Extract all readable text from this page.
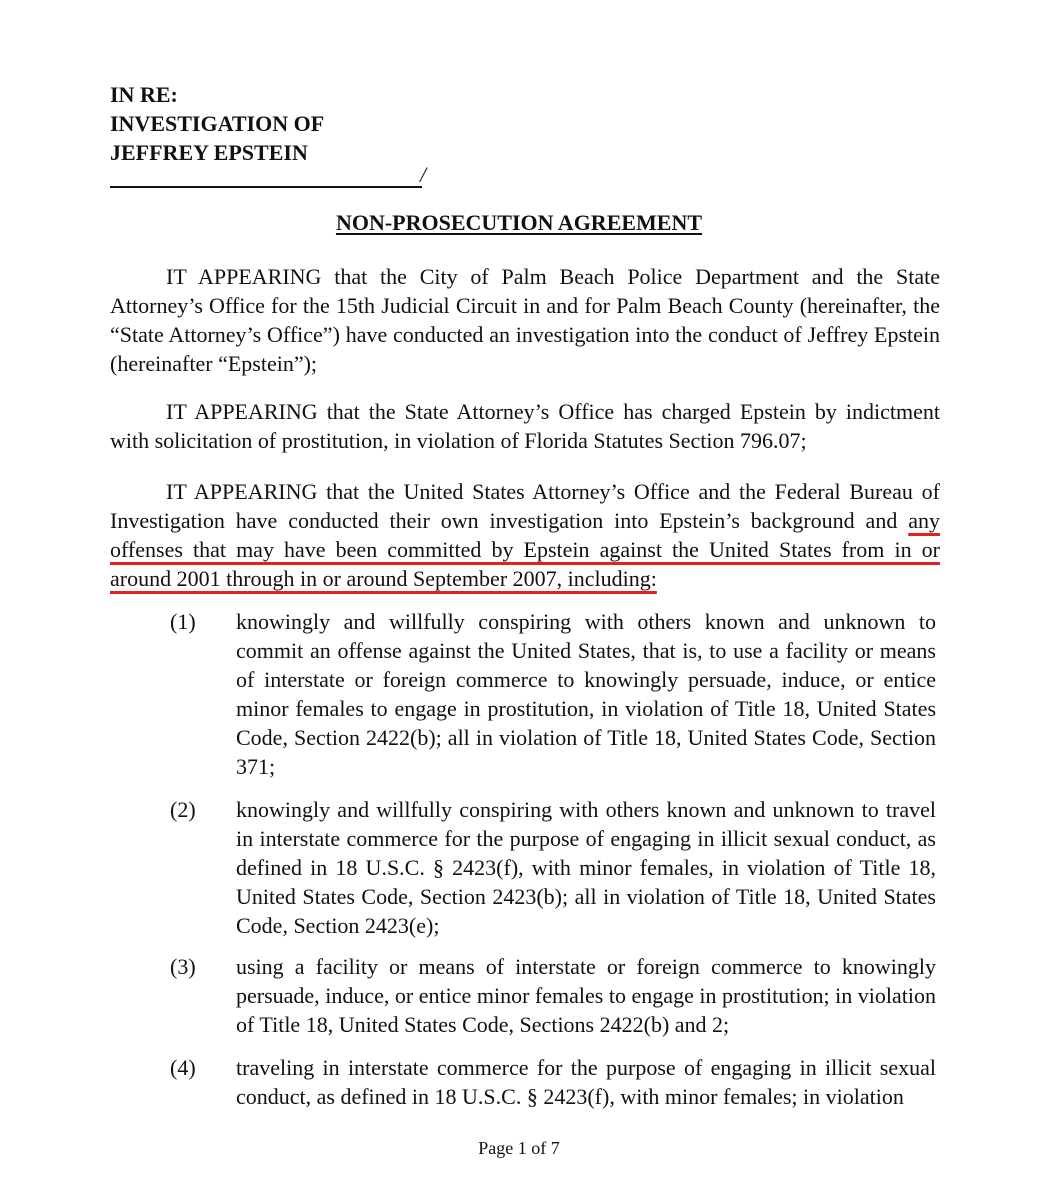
IN RE:
INVESTIGATION OF
JEFFREY EPSTEIN
/
NON-PROSECUTION AGREEMENT
IT APPEARING that the City of Palm Beach Police Department and the State Attorney’s Office for the 15th Judicial Circuit in and for Palm Beach County (hereinafter, the “State Attorney’s Office”) have conducted an investigation into the conduct of Jeffrey Epstein (hereinafter “Epstein”);
IT APPEARING that the State Attorney’s Office has charged Epstein by indictment with solicitation of prostitution, in violation of Florida Statutes Section 796.07;
IT APPEARING that the United States Attorney’s Office and the Federal Bureau of Investigation have conducted their own investigation into Epstein’s background and any offenses that may have been committed by Epstein against the United States from in or around 2001 through in or around September 2007, including:
(1)	knowingly and willfully conspiring with others known and unknown to commit an offense against the United States, that is, to use a facility or means of interstate or foreign commerce to knowingly persuade, induce, or entice minor females to engage in prostitution, in violation of Title 18, United States Code, Section 2422(b); all in violation of Title 18, United States Code, Section 371;
(2)	knowingly and willfully conspiring with others known and unknown to travel in interstate commerce for the purpose of engaging in illicit sexual conduct, as defined in 18 U.S.C. § 2423(f), with minor females, in violation of Title 18, United States Code, Section 2423(b); all in violation of Title 18, United States Code, Section 2423(e);
(3)	using a facility or means of interstate or foreign commerce to knowingly persuade, induce, or entice minor females to engage in prostitution; in violation of Title 18, United States Code, Sections 2422(b) and 2;
(4)	traveling in interstate commerce for the purpose of engaging in illicit sexual conduct, as defined in 18 U.S.C. § 2423(f), with minor females; in violation
Page 1 of 7
